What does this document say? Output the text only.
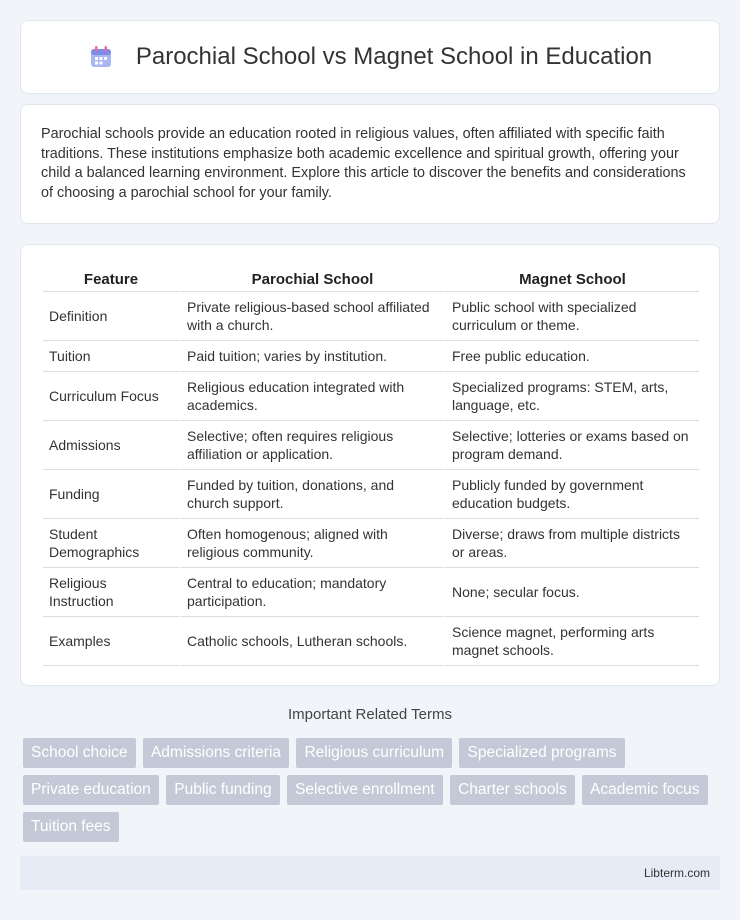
Parochial School vs Magnet School in Education

Parochial schools provide an education rooted in religious values, often affiliated with specific faith traditions. These institutions emphasize both academic excellence and spiritual growth, offering your child a balanced learning environment. Explore this article to discover the benefits and considerations of choosing a parochial school for your family.

Feature	Parochial School	Magnet School
Definition	Private religious-based school affiliated with a church.	Public school with specialized curriculum or theme.
Tuition	Paid tuition; varies by institution.	Free public education.
Curriculum Focus	Religious education integrated with academics.	Specialized programs: STEM, arts, language, etc.
Admissions	Selective; often requires religious affiliation or application.	Selective; lotteries or exams based on program demand.
Funding	Funded by tuition, donations, and church support.	Publicly funded by government education budgets.
Student Demographics	Often homogenous; aligned with religious community.	Diverse; draws from multiple districts or areas.
Religious Instruction	Central to education; mandatory participation.	None; secular focus.
Examples	Catholic schools, Lutheran schools.	Science magnet, performing arts magnet schools.
Important Related Terms
School choice Admissions criteria Religious curriculum Specialized programs Private education Public funding Selective enrollment Charter schools Academic focus Tuition fees
Libterm.com
